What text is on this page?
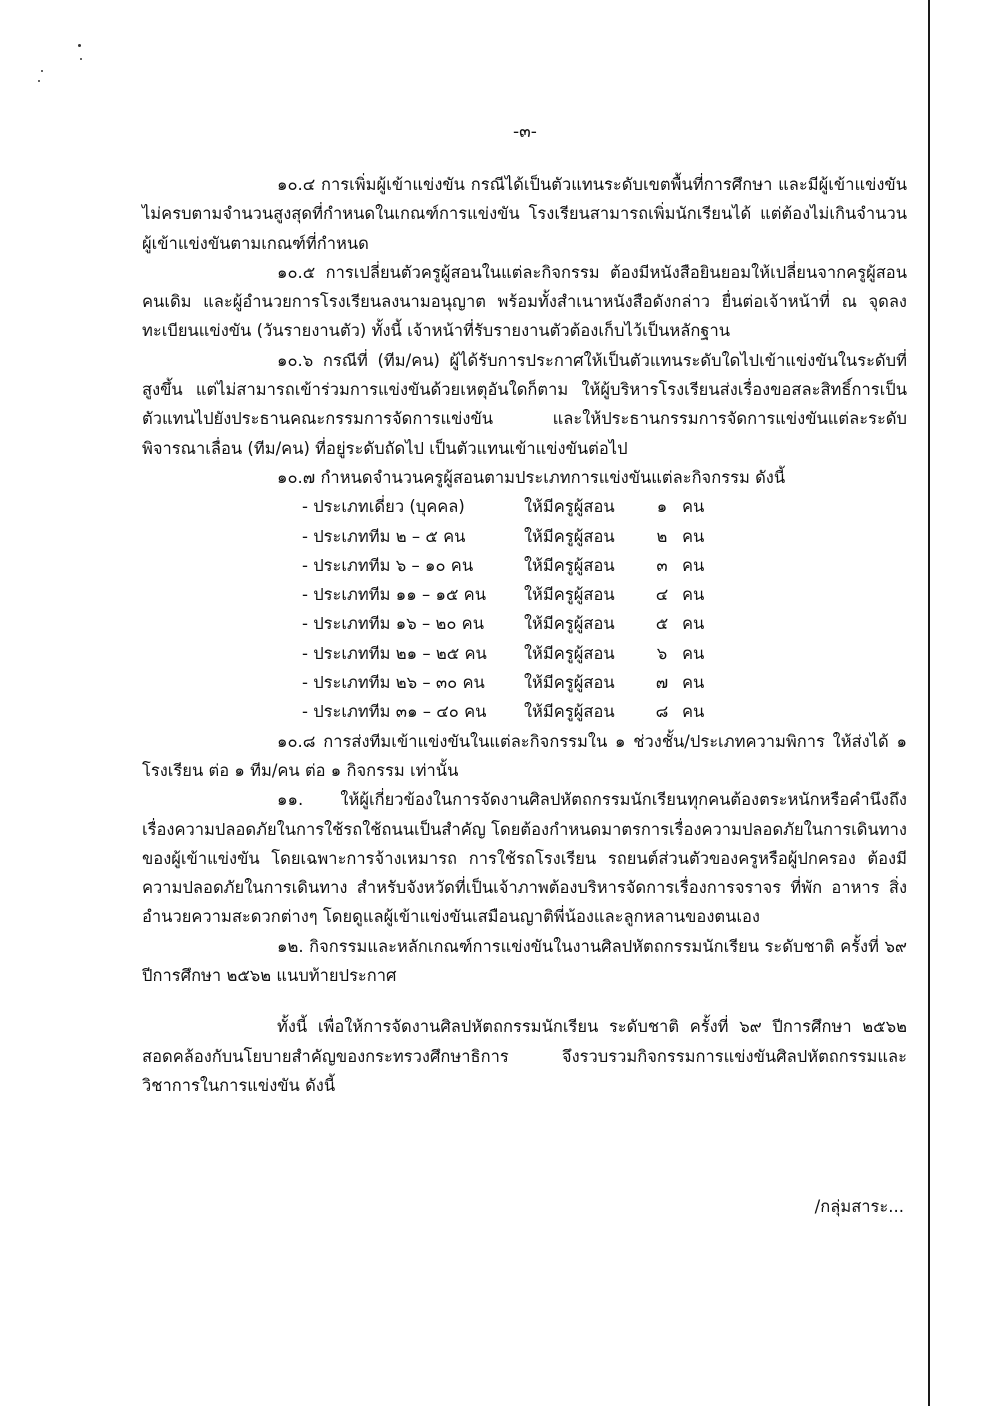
-๓-

๑๐.๔ การเพิ่มผู้เข้าแข่งขัน กรณีได้เป็นตัวแทนระดับเขตพื้นที่การศึกษา และมีผู้เข้าแข่งขันไม่ครบตามจำนวนสูงสุดที่กำหนดในเกณฑ์การแข่งขัน โรงเรียนสามารถเพิ่มนักเรียนได้ แต่ต้องไม่เกินจำนวนผู้เข้าแข่งขันตามเกณฑ์ที่กำหนด

๑๐.๕ การเปลี่ยนตัวครูผู้สอนในแต่ละกิจกรรม ต้องมีหนังสือยินยอมให้เปลี่ยนจากครูผู้สอนคนเดิม และผู้อำนวยการโรงเรียนลงนามอนุญาต พร้อมทั้งสำเนาหนังสือดังกล่าว ยื่นต่อเจ้าหน้าที่ ณ จุดลงทะเบียนแข่งขัน (วันรายงานตัว) ทั้งนี้ เจ้าหน้าที่รับรายงานตัวต้องเก็บไว้เป็นหลักฐาน

๑๐.๖ กรณีที่ (ทีม/คน) ผู้ได้รับการประกาศให้เป็นตัวแทนระดับใดไปเข้าแข่งขันในระดับที่สูงขึ้น แต่ไม่สามารถเข้าร่วมการแข่งขันด้วยเหตุอันใดก็ตาม ให้ผู้บริหารโรงเรียนส่งเรื่องขอสละสิทธิ์การเป็นตัวแทนไปยังประธานคณะกรรมการจัดการแข่งขัน และให้ประธานกรรมการจัดการแข่งขันแต่ละระดับพิจารณาเลื่อน (ทีม/คน) ที่อยู่ระดับถัดไป เป็นตัวแทนเข้าแข่งขันต่อไป

๑๐.๗ กำหนดจำนวนครูผู้สอนตามประเภทการแข่งขันแต่ละกิจกรรม ดังนี้

- ประเภทเดี่ยว (บุคคล)	ให้มีครูผู้สอน	๑ คน
- ประเภททีม ๒ – ๕ คน	ให้มีครูผู้สอน	๒ คน
- ประเภททีม ๖ – ๑๐ คน	ให้มีครูผู้สอน	๓ คน
- ประเภททีม ๑๑ – ๑๕ คน	ให้มีครูผู้สอน	๔ คน
- ประเภททีม ๑๖ – ๒๐ คน	ให้มีครูผู้สอน	๕ คน
- ประเภททีม ๒๑ – ๒๕ คน	ให้มีครูผู้สอน	๖ คน
- ประเภททีม ๒๖ – ๓๐ คน	ให้มีครูผู้สอน	๗ คน
- ประเภททีม ๓๑ – ๔๐ คน	ให้มีครูผู้สอน	๘ คน

๑๐.๘ การส่งทีมเข้าแข่งขันในแต่ละกิจกรรมใน ๑ ช่วงชั้น/ประเภทความพิการ ให้ส่งได้ ๑ โรงเรียน ต่อ ๑ ทีม/คน ต่อ ๑ กิจกรรม เท่านั้น

๑๑. ให้ผู้เกี่ยวข้องในการจัดงานศิลปหัตถกรรมนักเรียนทุกคนต้องตระหนักหรือคำนึงถึงเรื่องความปลอดภัยในการใช้รถใช้ถนนเป็นสำคัญ โดยต้องกำหนดมาตรการเรื่องความปลอดภัยในการเดินทางของผู้เข้าแข่งขัน โดยเฉพาะการจ้างเหมารถ การใช้รถโรงเรียน รถยนต์ส่วนตัวของครูหรือผู้ปกครอง ต้องมีความปลอดภัยในการเดินทาง สำหรับจังหวัดที่เป็นเจ้าภาพต้องบริหารจัดการเรื่องการจราจร ที่พัก อาหาร สิ่งอำนวยความสะดวกต่างๆ โดยดูแลผู้เข้าแข่งขันเสมือนญาติพี่น้องและลูกหลานของตนเอง

๑๒. กิจกรรมและหลักเกณฑ์การแข่งขันในงานศิลปหัตถกรรมนักเรียน ระดับชาติ ครั้งที่ ๖๙ ปีการศึกษา ๒๕๖๒ แนบท้ายประกาศ

ทั้งนี้ เพื่อให้การจัดงานศิลปหัตถกรรมนักเรียน ระดับชาติ ครั้งที่ ๖๙ ปีการศึกษา ๒๕๖๒ สอดคล้องกับนโยบายสำคัญของกระทรวงศึกษาธิการ จึงรวบรวมกิจกรรมการแข่งขันศิลปหัตถกรรมและวิชาการในการแข่งขัน ดังนี้

/กลุ่มสาระ...
